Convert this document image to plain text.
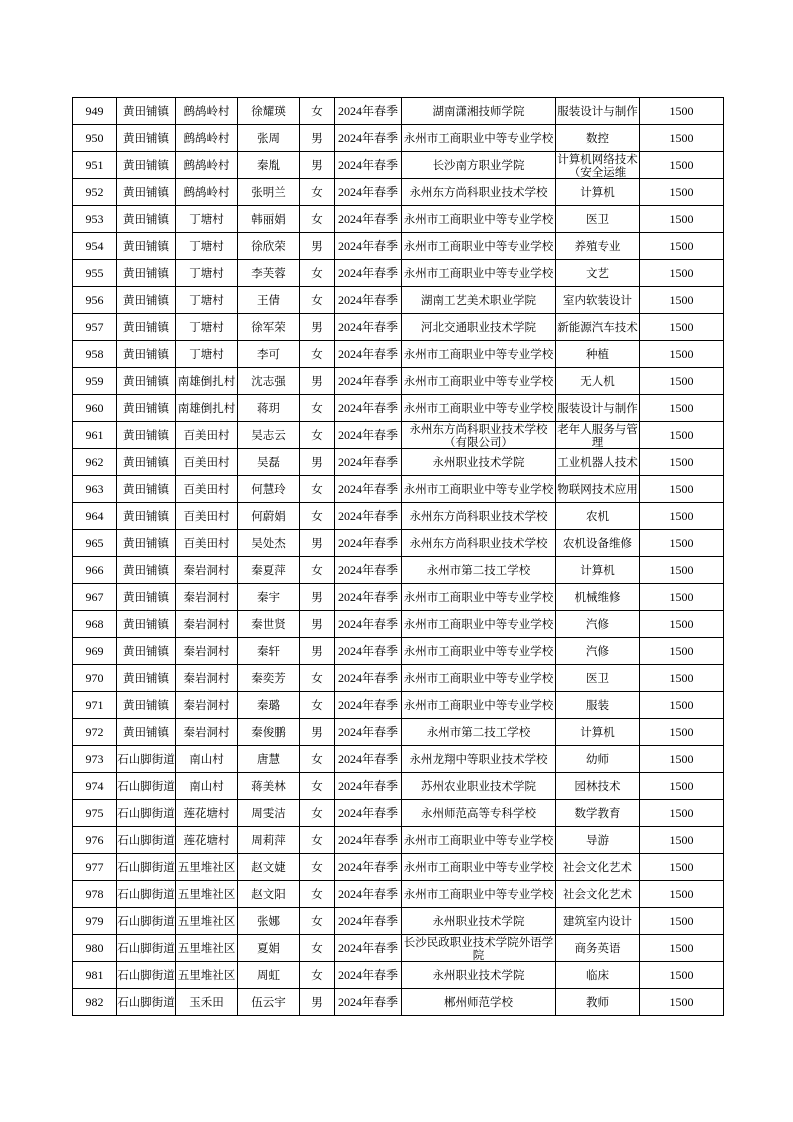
949	黄田铺镇	鹧鸪岭村	徐耀瑛	女	2024年春季	湖南潇湘技师学院	服装设计与制作	1500
950	黄田铺镇	鹧鸪岭村	张周	男	2024年春季	永州市工商职业中等专业学校	数控	1500
951	黄田铺镇	鹧鸪岭村	秦胤	男	2024年春季	长沙南方职业学院	计算机网络技术（安全运维	1500
952	黄田铺镇	鹧鸪岭村	张明兰	女	2024年春季	永州东方尚科职业技术学校	计算机	1500
953	黄田铺镇	丁塘村	韩丽娟	女	2024年春季	永州市工商职业中等专业学校	医卫	1500
954	黄田铺镇	丁塘村	徐欣荣	男	2024年春季	永州市工商职业中等专业学校	养殖专业	1500
955	黄田铺镇	丁塘村	李芙蓉	女	2024年春季	永州市工商职业中等专业学校	文艺	1500
956	黄田铺镇	丁塘村	王倩	女	2024年春季	湖南工艺美术职业学院	室内软装设计	1500
957	黄田铺镇	丁塘村	徐军荣	男	2024年春季	河北交通职业技术学院	新能源汽车技术	1500
958	黄田铺镇	丁塘村	李可	女	2024年春季	永州市工商职业中等专业学校	种植	1500
959	黄田铺镇	南雄倒扎村	沈志强	男	2024年春季	永州市工商职业中等专业学校	无人机	1500
960	黄田铺镇	南雄倒扎村	蒋玥	女	2024年春季	永州市工商职业中等专业学校	服装设计与制作	1500
961	黄田铺镇	百美田村	吴志云	女	2024年春季	永州东方尚科职业技术学校（有限公司）	老年人服务与管理	1500
962	黄田铺镇	百美田村	吴磊	男	2024年春季	永州职业技术学院	工业机器人技术	1500
963	黄田铺镇	百美田村	何慧玲	女	2024年春季	永州市工商职业中等专业学校	物联网技术应用	1500
964	黄田铺镇	百美田村	何蔚娟	女	2024年春季	永州东方尚科职业技术学校	农机	1500
965	黄田铺镇	百美田村	吴处杰	男	2024年春季	永州东方尚科职业技术学校	农机设备维修	1500
966	黄田铺镇	秦岩洞村	秦夏萍	女	2024年春季	永州市第二技工学校	计算机	1500
967	黄田铺镇	秦岩洞村	秦宇	男	2024年春季	永州市工商职业中等专业学校	机械维修	1500
968	黄田铺镇	秦岩洞村	秦世贤	男	2024年春季	永州市工商职业中等专业学校	汽修	1500
969	黄田铺镇	秦岩洞村	秦轩	男	2024年春季	永州市工商职业中等专业学校	汽修	1500
970	黄田铺镇	秦岩洞村	秦奕芳	女	2024年春季	永州市工商职业中等专业学校	医卫	1500
971	黄田铺镇	秦岩洞村	秦璐	女	2024年春季	永州市工商职业中等专业学校	服装	1500
972	黄田铺镇	秦岩洞村	秦俊鹏	男	2024年春季	永州市第二技工学校	计算机	1500
973	石山脚街道	南山村	唐慧	女	2024年春季	永州龙翔中等职业技术学校	幼师	1500
974	石山脚街道	南山村	蒋美林	女	2024年春季	苏州农业职业技术学院	园林技术	1500
975	石山脚街道	莲花塘村	周雯洁	女	2024年春季	永州师范高等专科学校	数学教育	1500
976	石山脚街道	莲花塘村	周莉萍	女	2024年春季	永州市工商职业中等专业学校	导游	1500
977	石山脚街道	五里堆社区	赵文婕	女	2024年春季	永州市工商职业中等专业学校	社会文化艺术	1500
978	石山脚街道	五里堆社区	赵文阳	女	2024年春季	永州市工商职业中等专业学校	社会文化艺术	1500
979	石山脚街道	五里堆社区	张娜	女	2024年春季	永州职业技术学院	建筑室内设计	1500
980	石山脚街道	五里堆社区	夏娟	女	2024年春季	长沙民政职业技术学院外语学院	商务英语	1500
981	石山脚街道	五里堆社区	周虹	女	2024年春季	永州职业技术学院	临床	1500
982	石山脚街道	玉禾田	伍云宇	男	2024年春季	郴州师范学校	教师	1500
